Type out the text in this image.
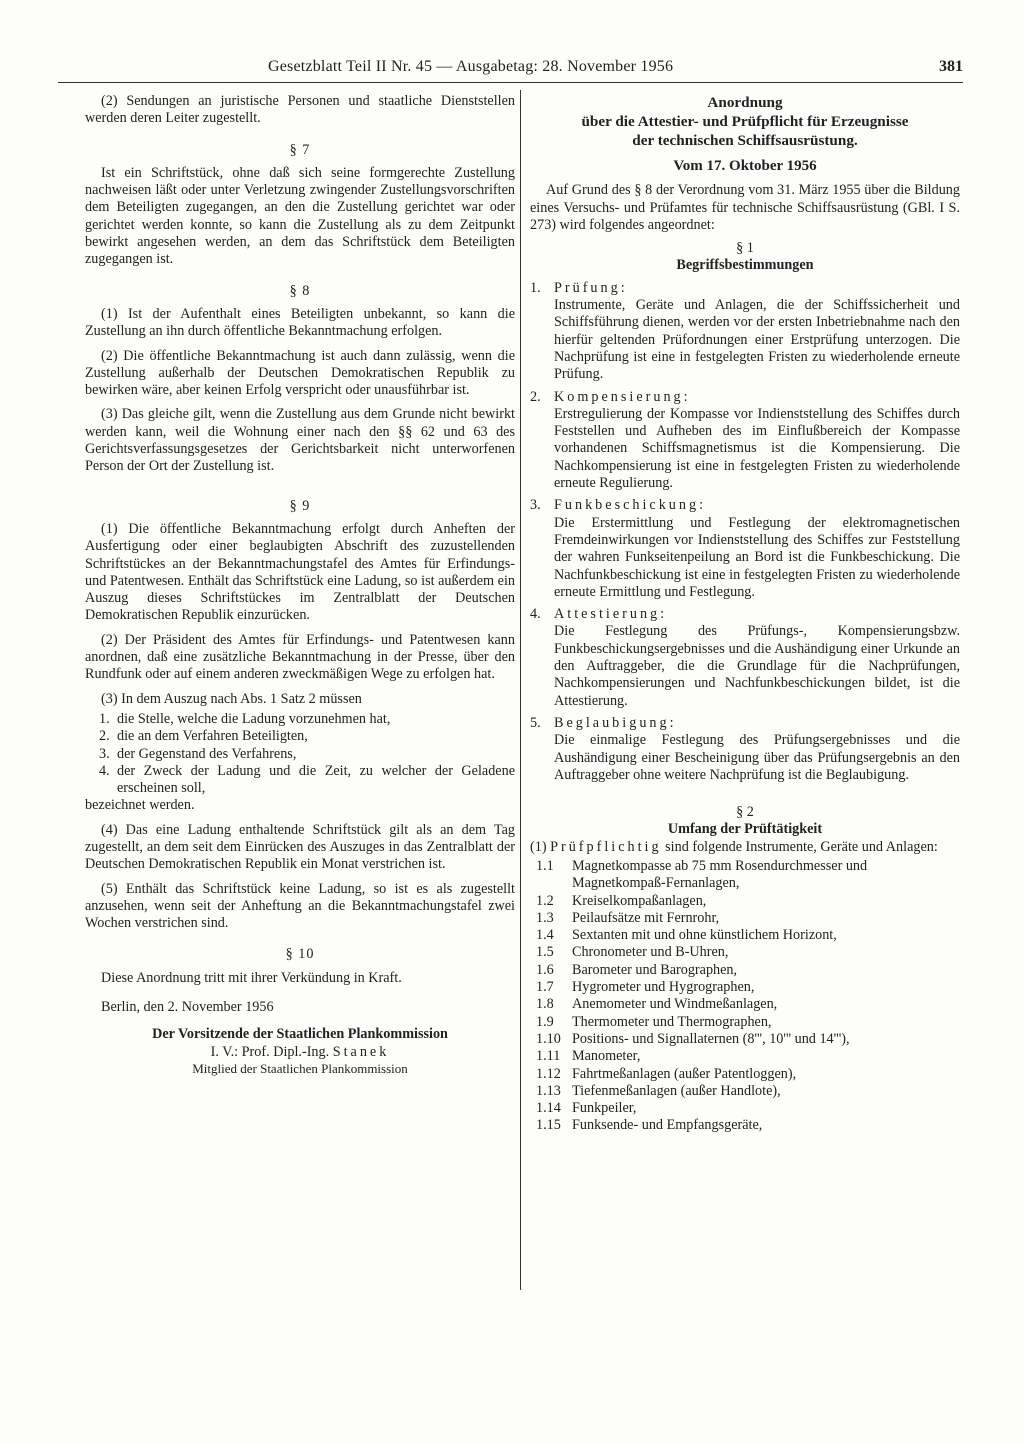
Gesetzblatt Teil II Nr. 45 — Ausgabetag: 28. November 1956	381

(2) Sendungen an juristische Personen und staatliche Dienststellen werden deren Leiter zugestellt.

§ 7

Ist ein Schriftstück, ohne daß sich seine formgerechte Zustellung nachweisen läßt oder unter Verletzung zwingender Zustellungsvorschriften dem Beteiligten zugegangen, an den die Zustellung gerichtet war oder gerichtet werden konnte, so kann die Zustellung als zu dem Zeitpunkt bewirkt angesehen werden, an dem das Schriftstück dem Beteiligten zugegangen ist.

§ 8

(1) Ist der Aufenthalt eines Beteiligten unbekannt, so kann die Zustellung an ihn durch öffentliche Bekanntmachung erfolgen.

(2) Die öffentliche Bekanntmachung ist auch dann zulässig, wenn die Zustellung außerhalb der Deutschen Demokratischen Republik zu bewirken wäre, aber keinen Erfolg verspricht oder unausführbar ist.

(3) Das gleiche gilt, wenn die Zustellung aus dem Grunde nicht bewirkt werden kann, weil die Wohnung einer nach den §§ 62 und 63 des Gerichtsverfassungsgesetzes der Gerichtsbarkeit nicht unterworfenen Person der Ort der Zustellung ist.

§ 9

(1) Die öffentliche Bekanntmachung erfolgt durch Anheften der Ausfertigung oder einer beglaubigten Abschrift des zuzustellenden Schriftstückes an der Bekanntmachungstafel des Amtes für Erfindungs- und Patentwesen. Enthält das Schriftstück eine Ladung, so ist außerdem ein Auszug dieses Schriftstückes im Zentralblatt der Deutschen Demokratischen Republik einzurücken.

(2) Der Präsident des Amtes für Erfindungs- und Patentwesen kann anordnen, daß eine zusätzliche Bekanntmachung in der Presse, über den Rundfunk oder auf einem anderen zweckmäßigen Wege zu erfolgen hat.

(3) In dem Auszug nach Abs. 1 Satz 2 müssen

1. die Stelle, welche die Ladung vorzunehmen hat,
2. die an dem Verfahren Beteiligten,
3. der Gegenstand des Verfahrens,
4. der Zweck der Ladung und die Zeit, zu welcher der Geladene erscheinen soll,

bezeichnet werden.

(4) Das eine Ladung enthaltende Schriftstück gilt als an dem Tag zugestellt, an dem seit dem Einrücken des Auszuges in das Zentralblatt der Deutschen Demokratischen Republik ein Monat verstrichen ist.

(5) Enthält das Schriftstück keine Ladung, so ist es als zugestellt anzusehen, wenn seit der Anheftung an die Bekanntmachungstafel zwei Wochen verstrichen sind.

§ 10

Diese Anordnung tritt mit ihrer Verkündung in Kraft.

Berlin, den 2. November 1956

Der Vorsitzende der Staatlichen Plankommission

I. V.: Prof. Dipl.-Ing. Stanek

Mitglied der Staatlichen Plankommission

Anordnung

über die Attestier- und Prüfpflicht für Erzeugnisse

der technischen Schiffsausrüstung.

Vom 17. Oktober 1956

Auf Grund des § 8 der Verordnung vom 31. März 1955 über die Bildung eines Versuchs- und Prüfamtes für technische Schiffsausrüstung (GBl. I S. 273) wird folgendes angeordnet:

§ 1

Begriffsbestimmungen

1. Prüfung:
Instrumente, Geräte und Anlagen, die der Schiffssicherheit und Schiffsführung dienen, werden vor der ersten Inbetriebnahme nach den hierfür geltenden Prüfordnungen einer Erstprüfung unterzogen. Die Nachprüfung ist eine in festgelegten Fristen zu wiederholende erneute Prüfung.
2. Kompensierung:
Erstregulierung der Kompasse vor Indienststellung des Schiffes durch Feststellen und Aufheben des im Einflußbereich der Kompasse vorhandenen Schiffsmagnetismus ist die Kompensierung. Die Nachkompensierung ist eine in festgelegten Fristen zu wiederholende erneute Regulierung.
3. Funkbeschickung:
Die Erstermittlung und Festlegung der elektromagnetischen Fremdeinwirkungen vor Indienststellung des Schiffes zur Feststellung der wahren Funkseitenpeilung an Bord ist die Funkbeschickung. Die Nachfunkbeschickung ist eine in festgelegten Fristen zu wiederholende erneute Ermittlung und Festlegung.
4. Attestierung:
Die Festlegung des Prüfungs-, Kompensierungsbzw. Funkbeschickungsergebnisses und die Aushändigung einer Urkunde an den Auftraggeber, die die Grundlage für die Nachprüfungen, Nachkompensierungen und Nachfunkbeschickungen bildet, ist die Attestierung.
5. Beglaubigung:
Die einmalige Festlegung des Prüfungsergebnisses und die Aushändigung einer Bescheinigung über das Prüfungsergebnis an den Auftraggeber ohne weitere Nachprüfung ist die Beglaubigung.

§ 2

Umfang der Prüftätigkeit

(1) Prüfpflichtig sind folgende Instrumente, Geräte und Anlagen:

1.1	Magnetkompasse ab 75 mm Rosendurchmesser und Magnetkompaß-Fernanlagen,
1.2	Kreiselkompaßanlagen,
1.3	Peilaufsätze mit Fernrohr,
1.4	Sextanten mit und ohne künstlichem Horizont,
1.5	Chronometer und B-Uhren,
1.6	Barometer und Barographen,
1.7	Hygrometer und Hygrographen,
1.8	Anemometer und Windmeßanlagen,
1.9	Thermometer und Thermographen,
1.10 Positions- und Signallaternen (8''', 10''' und 14'''),
1.11 Manometer,
1.12 Fahrtmeßanlagen (außer Patentloggen),
1.13 Tiefenmeßanlagen (außer Handlote),
1.14 Funkpeiler,
1.15 Funksende- und Empfangsgeräte,
